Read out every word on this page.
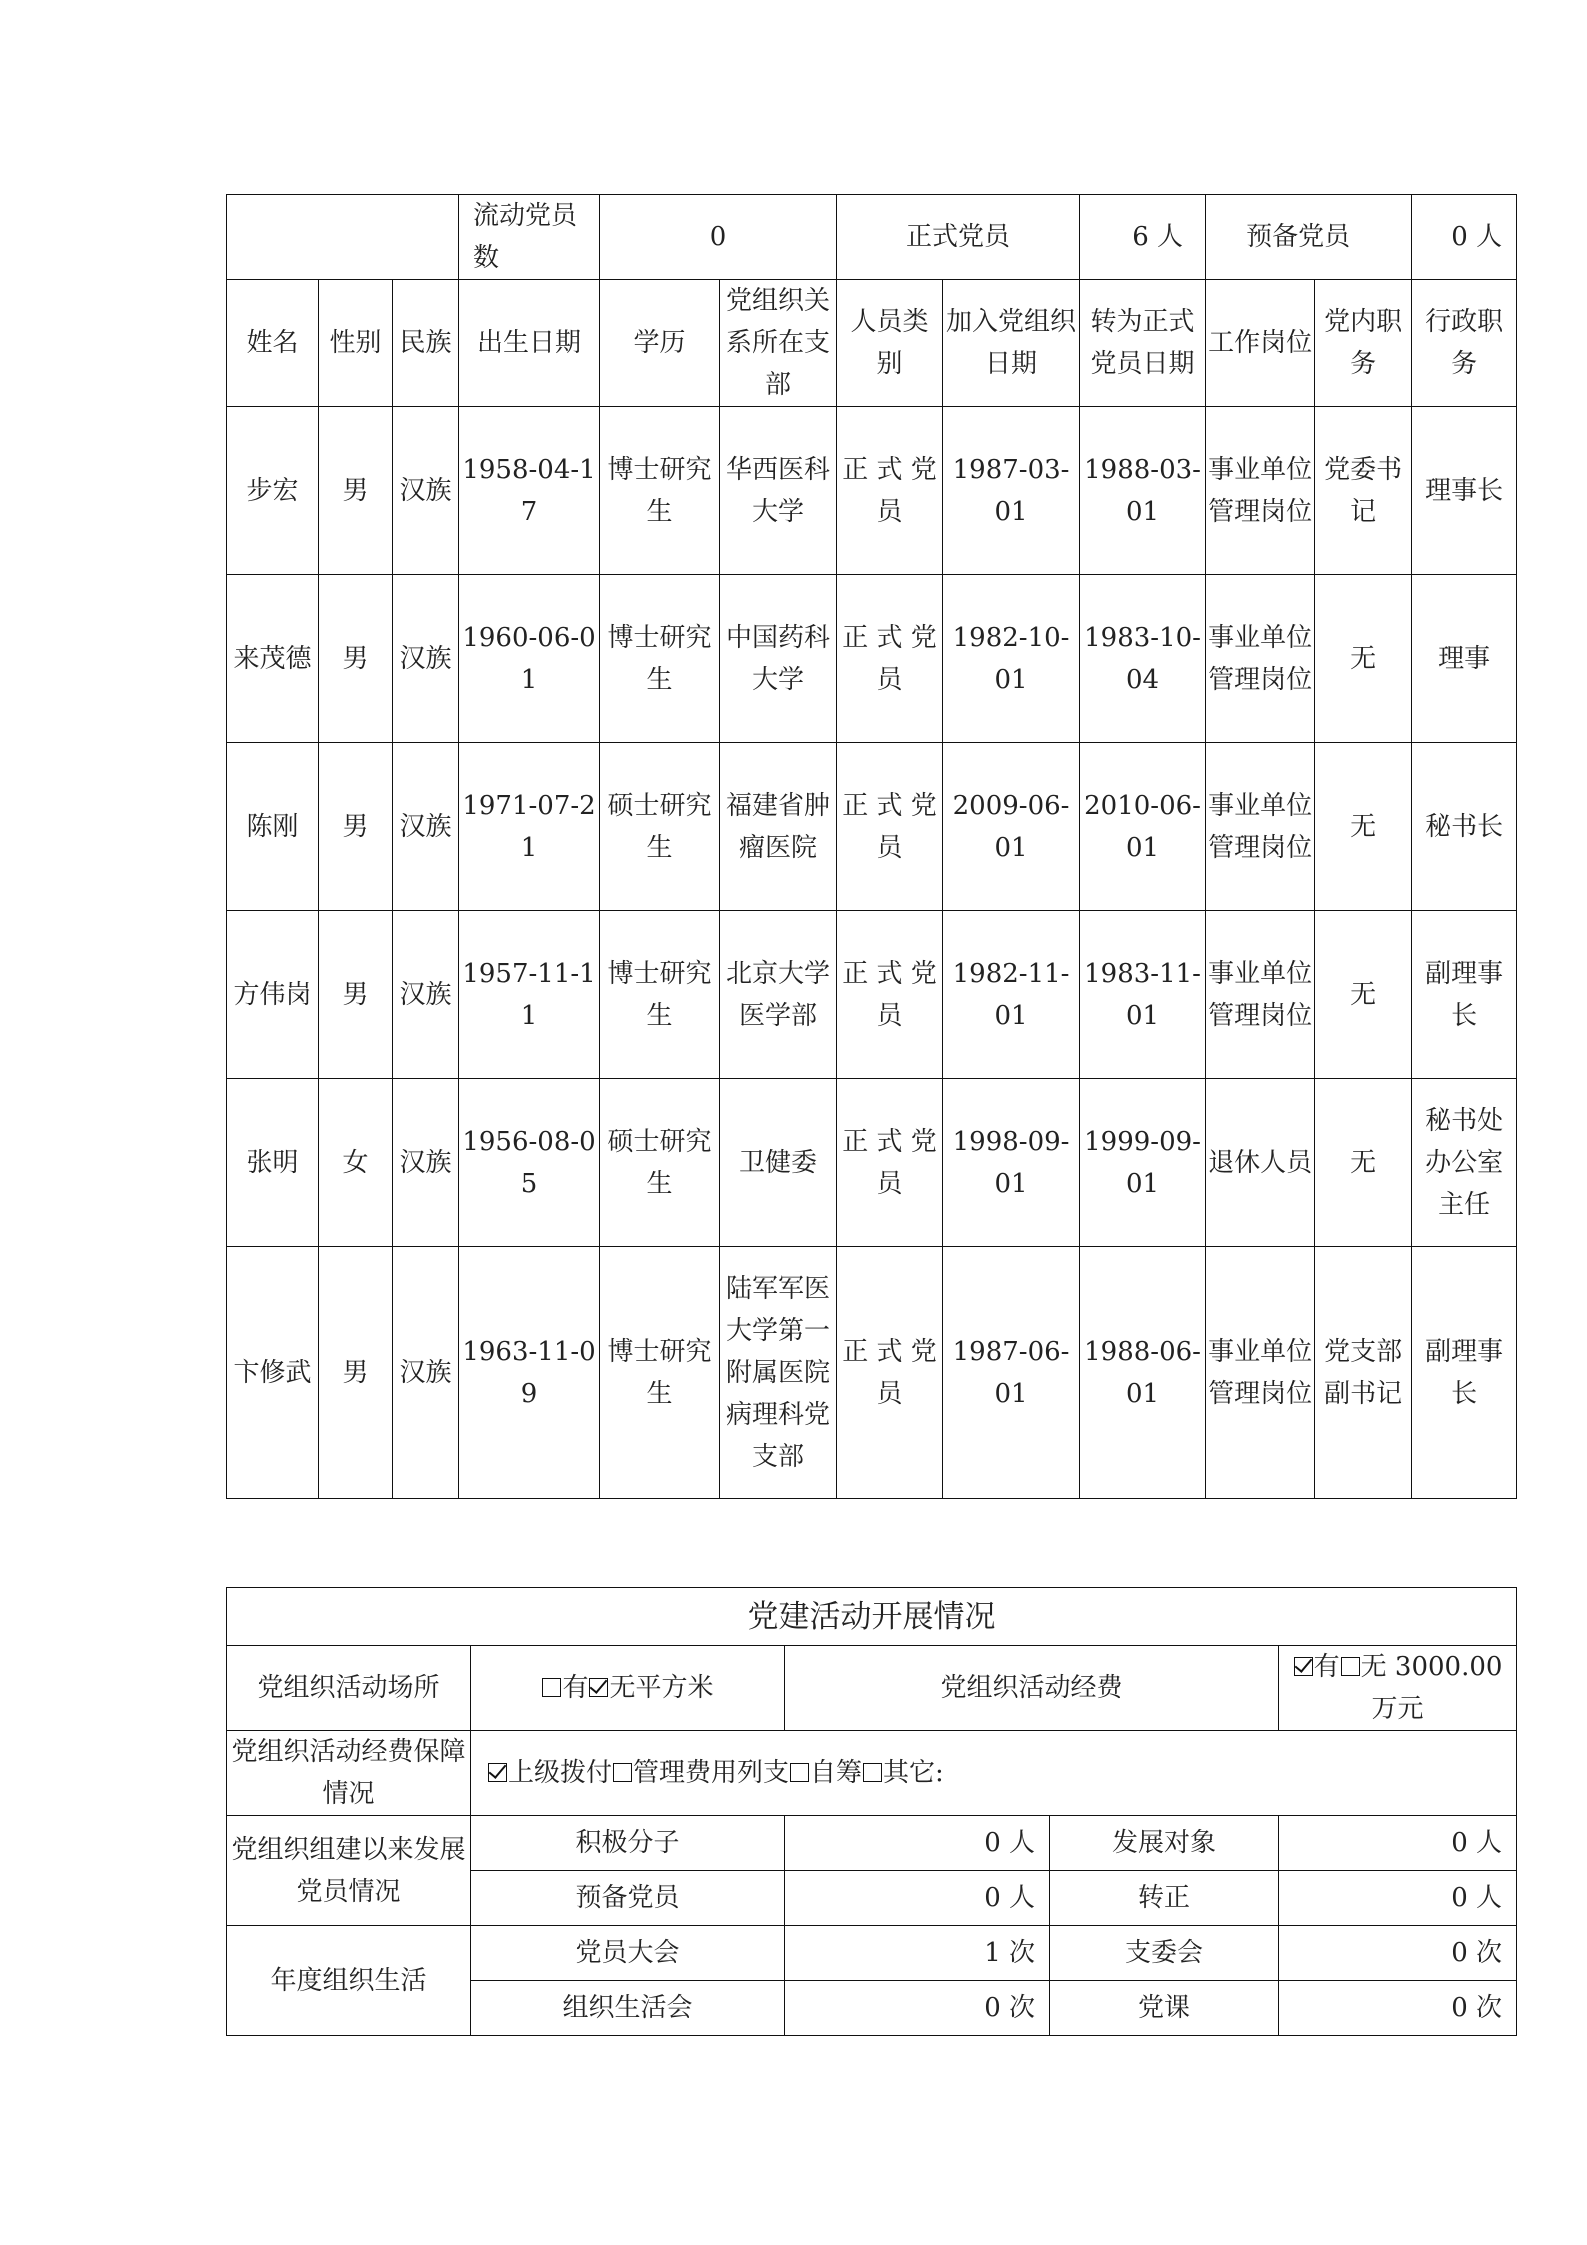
			流动党员数	0		正式党员		6 人	预备党员		0 人
姓名	性别	民族	出生日期	学历	党组织关系所在支部	人员类别	加入党组织日期	转为正式党员日期	工作岗位	党内职务	行政职务
步宏	男	汉族	1958-04-17	博士研究生	华西医科大学	正 式 党员	1987-03-01	1988-03-01	事业单位管理岗位	党委书记	理事长
来茂德	男	汉族	1960-06-01	博士研究生	中国药科大学	正 式 党员	1982-10-01	1983-10-04	事业单位管理岗位	无	理事
陈刚	男	汉族	1971-07-21	硕士研究生	福建省肿瘤医院	正 式 党员	2009-06-01	2010-06-01	事业单位管理岗位	无	秘书长
方伟岗	男	汉族	1957-11-11	博士研究生	北京大学医学部	正 式 党员	1982-11-01	1983-11-01	事业单位管理岗位	无	副理事长
张明	女	汉族	1956-08-05	硕士研究生	卫健委	正 式 党员	1998-09-01	1999-09-01	退休人员	无	秘书处办公室主任
卞修武	男	汉族	1963-11-09	博士研究生	陆军军医大学第一附属医院病理科党支部	正 式 党员	1987-06-01	1988-06-01	事业单位管理岗位	党支部副书记	副理事长
党建活动开展情况				
党组织活动场所	有 无平方米	党组织活动经费		有 无 3000.00
万元

党组织活动经费保障情况	上级拨付 管理费用列支 自筹 其它:			
党组织组建以来发展党员情况	积极分子	0 人	发展对象	0 人
	预备党员	0 人	转正	0 人
年度组织生活	党员大会	1 次	支委会	0 次
	组织生活会	0 次	党课	0 次
